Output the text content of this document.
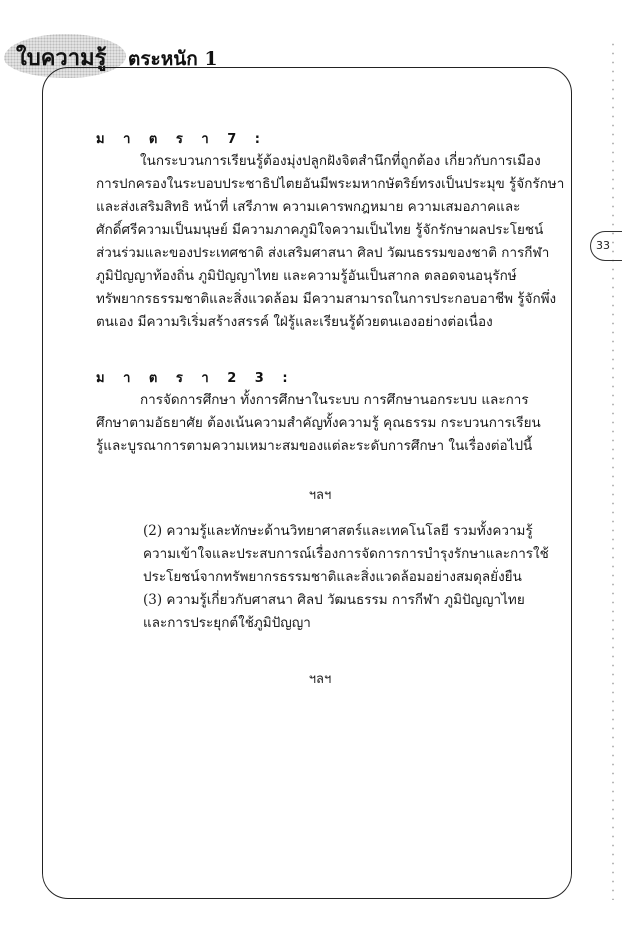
ใบความรู้ ตระหนัก 1
33
ม า ต ร า 7 :
ในกระบวนการเรียนรู้ต้องมุ่งปลูกฝังจิตสำนึกที่ถูกต้อง เกี่ยวกับการเมือง
การปกครองในระบอบประชาธิปไตยอันมีพระมหากษัตริย์ทรงเป็นประมุข รู้จักรักษา
และส่งเสริมสิทธิ หน้าที่ เสรีภาพ ความเคารพกฎหมาย ความเสมอภาคและ
ศักดิ์ศรีความเป็นมนุษย์ มีความภาคภูมิใจความเป็นไทย รู้จักรักษาผลประโยชน์
ส่วนร่วมและของประเทศชาติ ส่งเสริมศาสนา ศิลป วัฒนธรรมของชาติ การกีฬา
ภูมิปัญญาท้องถิ่น ภูมิปัญญาไทย และความรู้อันเป็นสากล ตลอดจนอนุรักษ์
ทรัพยากรธรรมชาติและสิ่งแวดล้อม มีความสามารถในการประกอบอาชีพ รู้จักพึ่ง
ตนเอง มีความริเริ่มสร้างสรรค์ ใฝ่รู้และเรียนรู้ด้วยตนเองอย่างต่อเนื่อง
ม า ต ร า 2 3 :
การจัดการศึกษา ทั้งการศึกษาในระบบ การศึกษานอกระบบ และการ
ศึกษาตามอัธยาศัย ต้องเน้นความสำคัญทั้งความรู้ คุณธรรม กระบวนการเรียน
รู้และบูรณาการตามความเหมาะสมของแต่ละระดับการศึกษา ในเรื่องต่อไปนี้
ฯลฯ
(2) ความรู้และทักษะด้านวิทยาศาสตร์และเทคโนโลยี รวมทั้งความรู้
ความเข้าใจและประสบการณ์เรื่องการจัดการการบำรุงรักษาและการใช้
ประโยชน์จากทรัพยากรธรรมชาติและสิ่งแวดล้อมอย่างสมดุลยั่งยืน
(3) ความรู้เกี่ยวกับศาสนา ศิลป วัฒนธรรม การกีฬา ภูมิปัญญาไทย
และการประยุกต์ใช้ภูมิปัญญา
ฯลฯ
